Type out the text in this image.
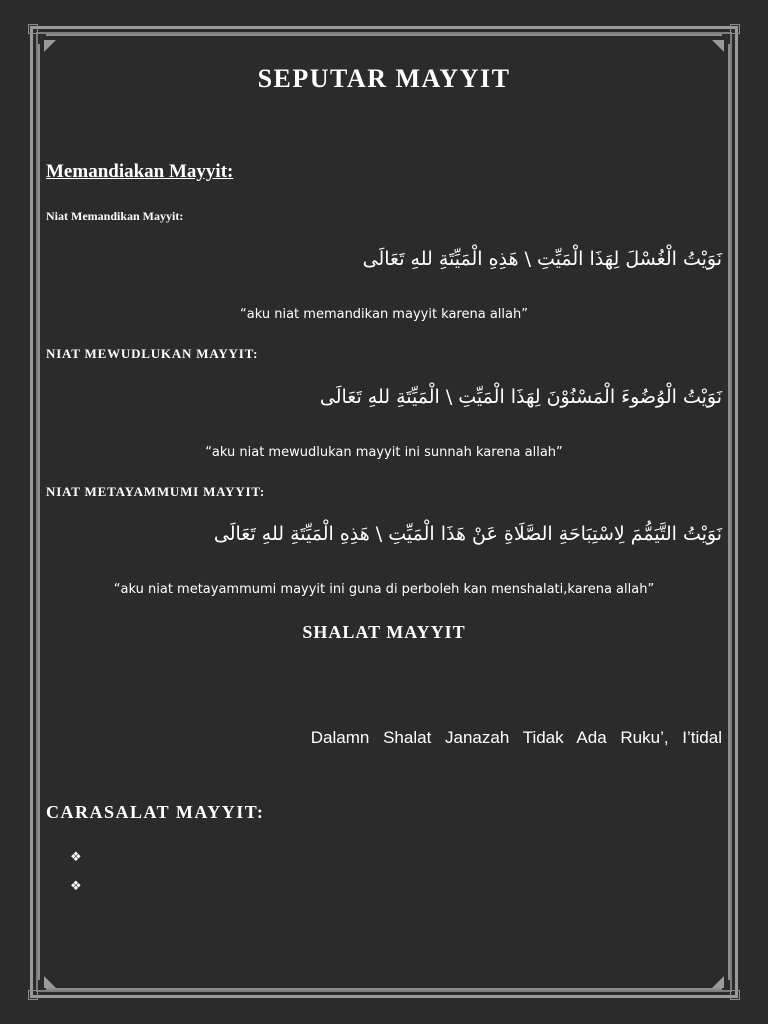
SEPUTAR MAYYIT
Memandiakan Mayyit:
Niat Memandikan Mayyit:
نَوَيْتُ الْغُسْلَ لِهَذَا الْمَيِّتِ \ هَذِهِ الْمَيِّتَةِ للهِ تَعَالَى
“aku niat memandikan mayyit karena allah”
NIAT MEWUDLUKAN MAYYIT:
نَوَيْتُ الْوُضُوءَ الْمَسْنُوْنَ لِهَذَا الْمَيِّتِ \ الْمَيِّتَةِ للهِ تَعَالَى
“aku niat mewudlukan mayyit ini sunnah karena allah”
NIAT METAYAMMUMI MAYYIT:
نَوَيْتُ التَّيَمُّمَ لِاسْتِبَاحَةِ الصَّلَاةِ عَنْ هَذَا الْمَيِّتِ \ هَذِهِ الْمَيِّتَةِ للهِ تَعَالَى
“aku niat metayammumi mayyit ini guna di perboleh kan menshalati,karena allah”
SHALAT MAYYIT
Dalamn Shalat Janazah Tidak Ada Ruku’, I’tidal
CARASALAT MAYYIT:
❖
❖
